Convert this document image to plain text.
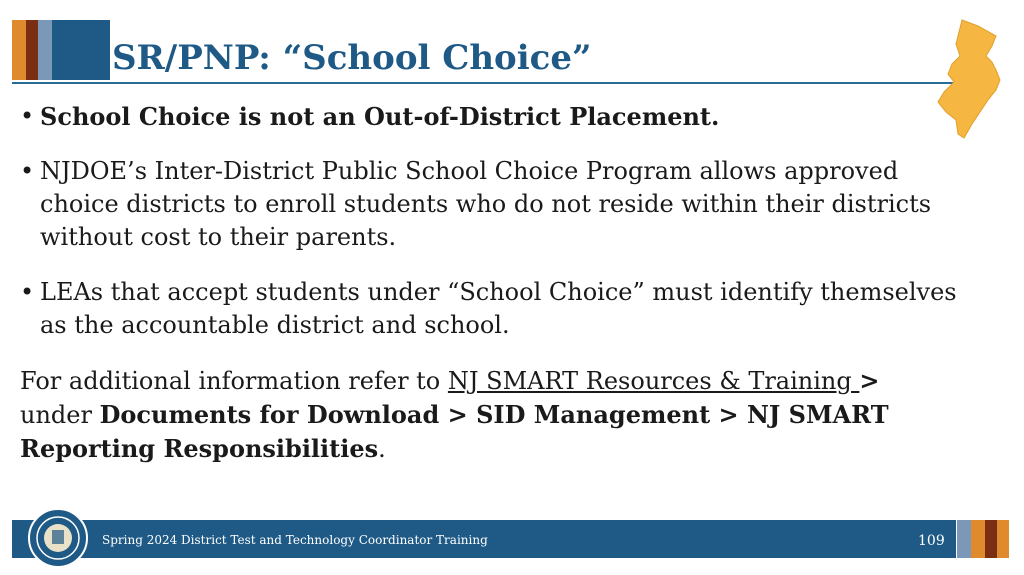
SR/PNP: “School Choice”
• School Choice is not an Out-of-District Placement.
• NJDOE’s Inter-District Public School Choice Program allows approved choice districts to enroll students who do not reside within their districts without cost to their parents.
• LEAs that accept students under “School Choice” must identify themselves as the accountable district and school.
For additional information refer to NJ SMART Resources & Training >
under Documents for Download > SID Management > NJ SMART Reporting Responsibilities.
Spring 2024 District Test and Technology Coordinator Training	109
